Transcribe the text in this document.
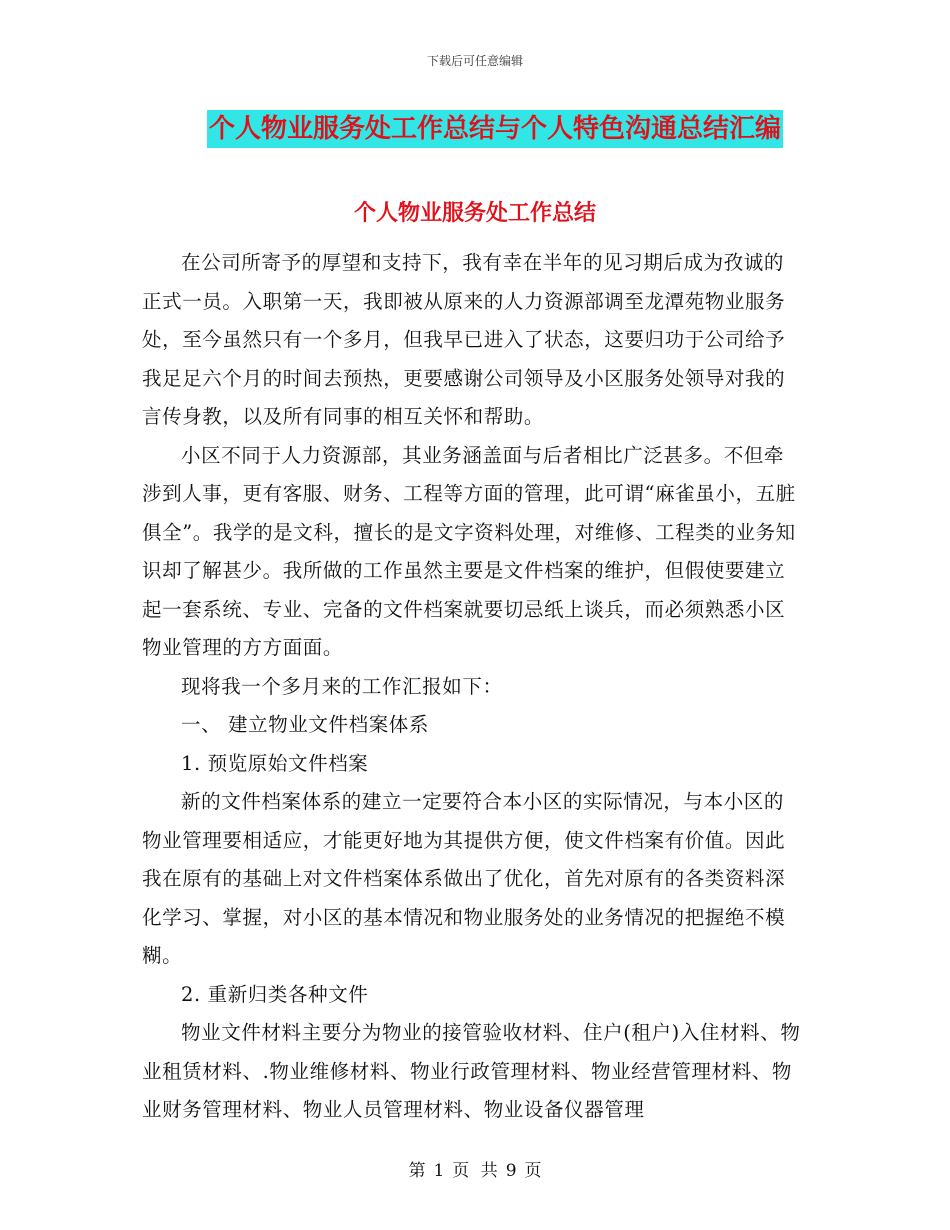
下载后可任意编辑
个人物业服务处工作总结与个人特色沟通总结汇编
个人物业服务处工作总结

在公司所寄予的厚望和支持下，我有幸在半年的见习期后成为孜诚的正式一员。入职第一天，我即被从原来的人力资源部调至龙潭苑物业服务处，至今虽然只有一个多月，但我早已进入了状态，这要归功于公司给予我足足六个月的时间去预热，更要感谢公司领导及小区服务处领导对我的言传身教，以及所有同事的相互关怀和帮助。

小区不同于人力资源部，其业务涵盖面与后者相比广泛甚多。不但牵涉到人事，更有客服、财务、工程等方面的管理，此可谓“麻雀虽小，五脏俱全”。我学的是文科，擅长的是文字资料处理，对维修、工程类的业务知识却了解甚少。我所做的工作虽然主要是文件档案的维护，但假使要建立起一套系统、专业、完备的文件档案就要切忌纸上谈兵，而必须熟悉小区物业管理的方方面面。

现将我一个多月来的工作汇报如下：

一、 建立物业文件档案体系

1. 预览原始文件档案

新的文件档案体系的建立一定要符合本小区的实际情况，与本小区的物业管理要相适应，才能更好地为其提供方便，使文件档案有价值。因此我在原有的基础上对文件档案体系做出了优化，首先对原有的各类资料深化学习、掌握，对小区的基本情况和物业服务处的业务情况的把握绝不模糊。

2. 重新归类各种文件

物业文件材料主要分为物业的接管验收材料、住户(租户)入住材料、物业租赁材料、.物业维修材料、物业行政管理材料、物业经营管理材料、物业财务管理材料、物业人员管理材料、物业设备仪器管理

第 1 页 共 9 页
